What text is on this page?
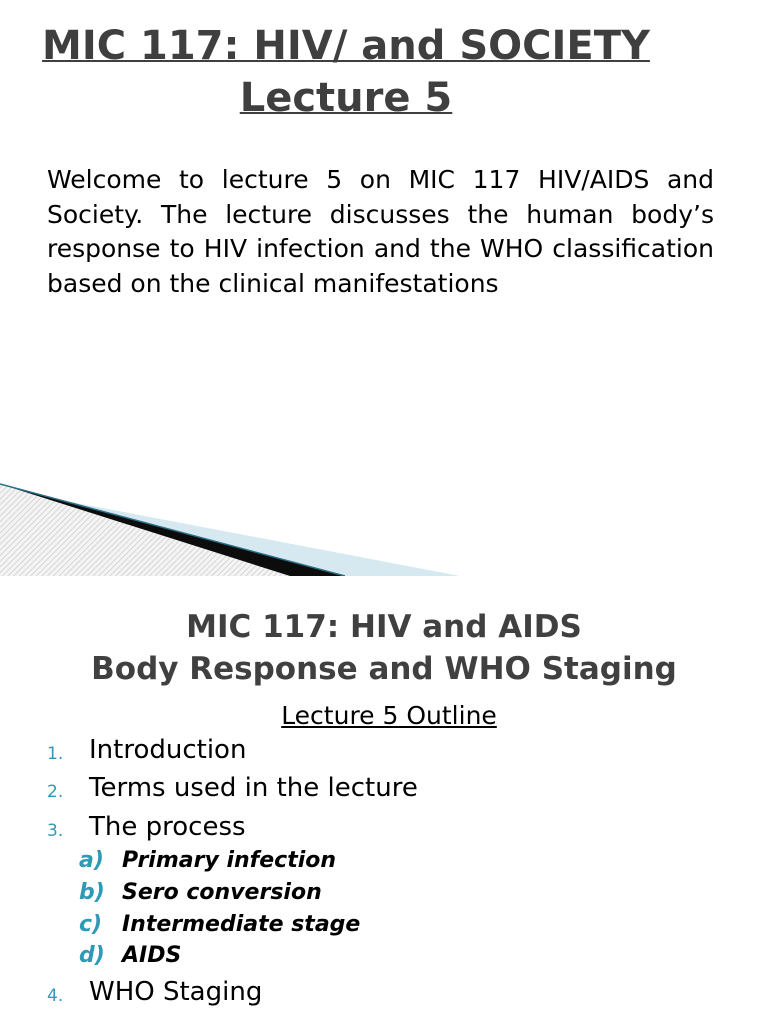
MIC 117: HIV/ and SOCIETY
Lecture 5

Welcome to lecture 5 on MIC 117 HIV/AIDS and Society. The lecture discusses the human body’s response to HIV infection and the WHO classification based on the clinical manifestations

MIC 117: HIV and AIDS
Body Response and WHO Staging
Lecture 5 Outline
1. Introduction
2. Terms used in the lecture
3. The process
a) Primary infection
b) Sero conversion
c) Intermediate stage
d) AIDS
4. WHO Staging
